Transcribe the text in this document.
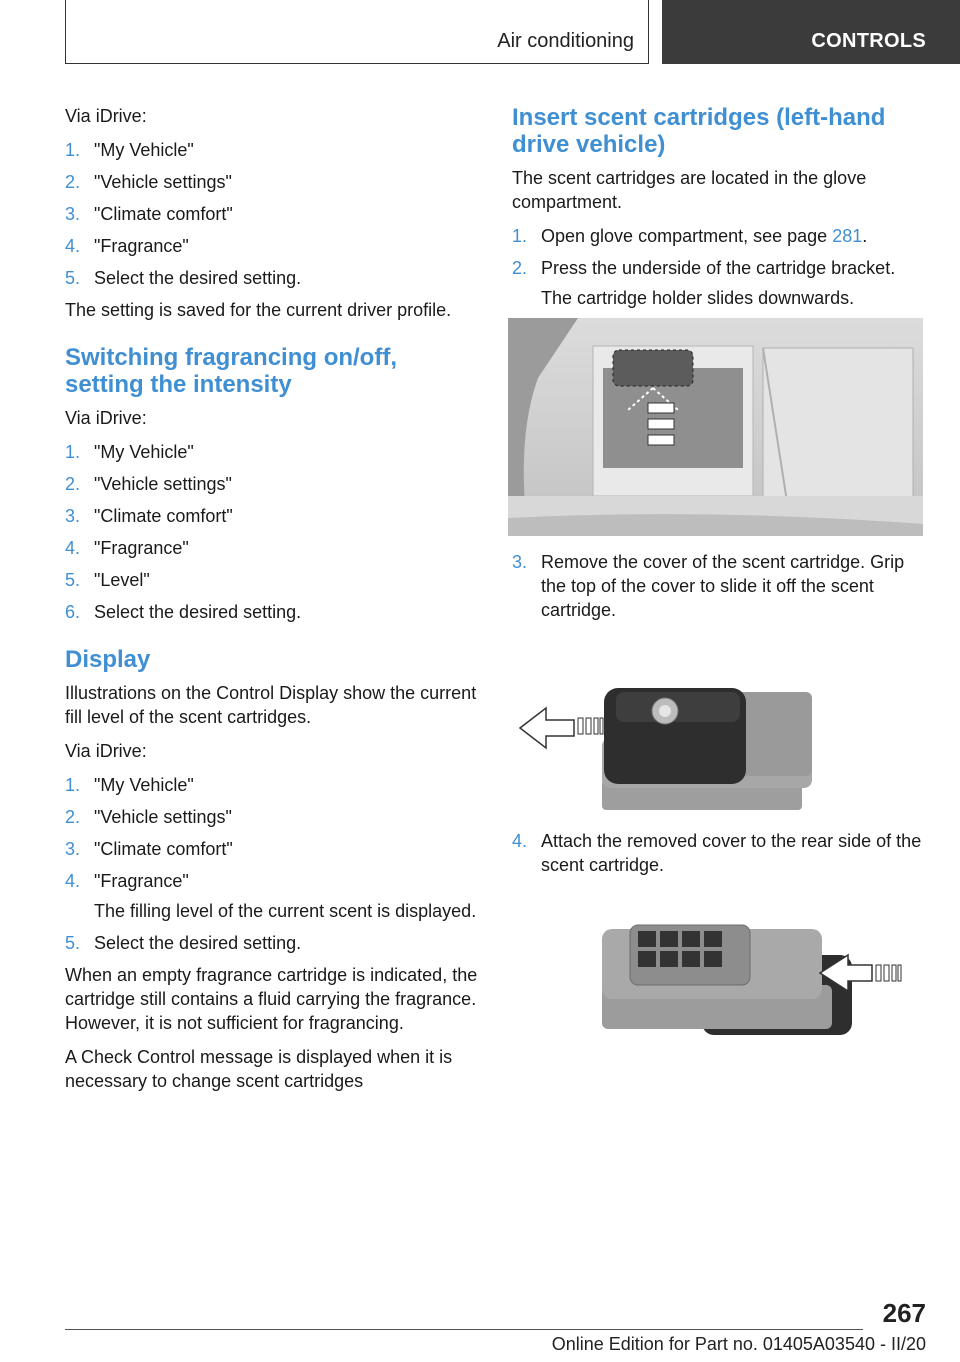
Air conditioning	CONTROLS

Via iDrive:

1. "My Vehicle"
2. "Vehicle settings"
3. "Climate comfort"
4. "Fragrance"
5. Select the desired setting.

The setting is saved for the current driver profile.

Switching fragrancing on/off, setting the intensity

Via iDrive:

1. "My Vehicle"
2. "Vehicle settings"
3. "Climate comfort"
4. "Fragrance"
5. "Level"
6. Select the desired setting.
Display

Illustrations on the Control Display show the current fill level of the scent cartridges.

Via iDrive:

1. "My Vehicle"
2. "Vehicle settings"
3. "Climate comfort"
4. "Fragrance"
The filling level of the current scent is displayed.
5. Select the desired setting.

When an empty fragrance cartridge is indicated, the cartridge still contains a fluid carrying the fragrance. However, it is not sufficient for fragrancing.

A Check Control message is displayed when it is necessary to change scent cartridges

Insert scent cartridges (left-hand drive vehicle)

The scent cartridges are located in the glove compartment.

1. Open glove compartment, see page 281.
2. Press the underside of the cartridge bracket.
The cartridge holder slides downwards.
3. Remove the cover of the scent cartridge. Grip the top of the cover to slide it off the scent cartridge.
4. Attach the removed cover to the rear side of the scent cartridge.
267
Online Edition for Part no. 01405A03540 - II/20
